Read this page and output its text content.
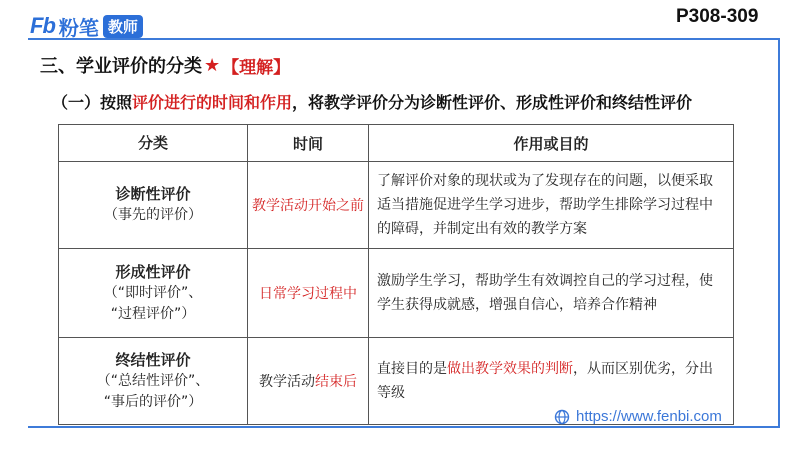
Fb 粉笔 教师	P308-309
三、学业评价的分类 ★ 【理解】
（一）按照评价进行的时间和作用，将教学评价分为诊断性评价、形成性评价和终结性评价
分类	时间	作用或目的

诊断性评价
（事先的评价）	教学活动开始之前	了解评价对象的现状或为了发现存在的问题，以便采取适当措施促进学生学习进步，帮助学生排除学习过程中的障碍，并制定出有效的教学方案

形成性评价
（“即时评价”、
“过程评价”）	日常学习过程中	激励学生学习，帮助学生有效调控自己的学习过程，使学生获得成就感，增强自信心，培养合作精神

终结性评价
（“总结性评价”、
“事后的评价”）	教学活动结束后	直接目的是做出教学效果的判断，从而区别优劣，分出等级
https://www.fenbi.com
